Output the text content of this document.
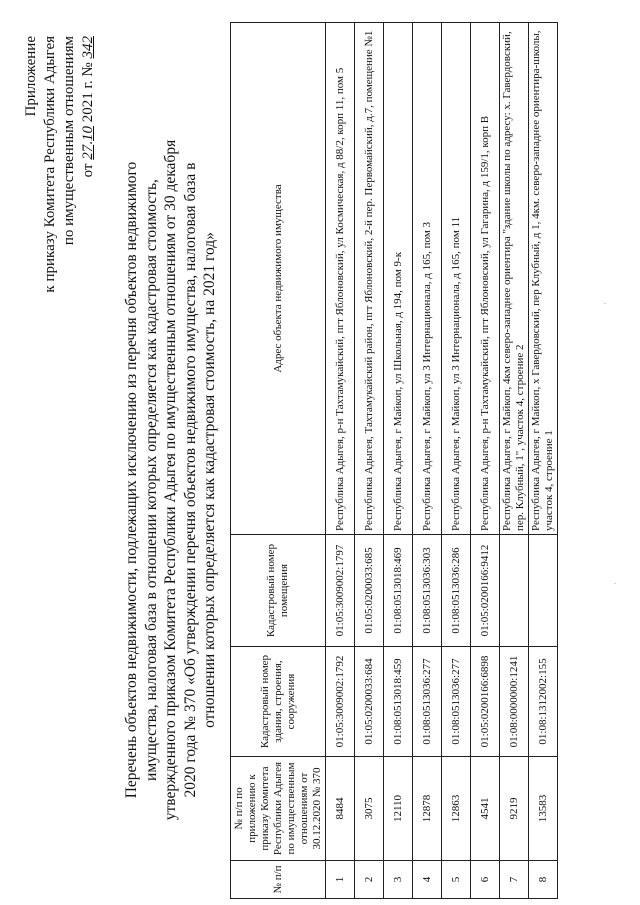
Приложение к приказу Комитета Республики Адыгея по имущественным отношениям от 27.10 2021 г. № 342
Перечень объектов недвижимости, подлежащих исключению из перечня объектов недвижимого имущества, налоговая база в отношении которых определяется как кадастровая стоимость, утвержденного приказом Комитета Республики Адыгея по имущественным отношениям от 30 декабря 2020 года № 370 «Об утверждении перечня объектов недвижимого имущества, налоговая база в отношении которых определяется как кадастровая стоимость, на 2021 год»
№ п/п	№ п/п по приложению к приказу Комитета Республики Адыгея по имущественным отношениям от 30.12.2020 № 370	Кадастровый номер здания, строения, сооружения	Кадастровый номер помещения	Адрес объекта недвижимого имущества
1	8484	01:05:3009002:1792	01:05:3009002:1797	Республика Адыгея, р-н Тахтамукайский, пгт Яблоновский, ул Космическая, д 88/2, корп 11, пом 5
2	3075	01:05:0200033:684	01:05:0200033:685	Республика Адыгея, Тахтамукайский район, пгт Яблоновский, 2-й пер. Первомайский, д.7, помещение №1
3	12110	01:08:0513018:459	01:08:0513018:469	Республика Адыгея, г Майкоп, ул Школьная, д 194, пом 9-к
4	12878	01:08:0513036:277	01:08:0513036:303	Республика Адыгея, г Майкоп, ул 3 Интернационала, д 165, пом 3
5	12863	01:08:0513036:277	01:08:0513036:286	Республика Адыгея, г Майкоп, ул 3 Интернационала, д 165, пом 11
6	4541	01:05:0200166:6898	01:05:0200166:9412	Республика Адыгея, р-н Тахтамукайский, пгт Яблоновский, ул Гагарина, д 159/1, корп В
7	9219	01:08:0000000:1241		Республика Адыгея, г Майкоп, 4км северо-западнее ориентира "здание школы по адресу: х. Гавердовский, пер. Клубный, 1", участок 4, строение 2
8	13583	01:08:1312002:155		Республика Адыгея, г Майкоп, х Гавердовский, пер Клубный, д 1, 4км. северо-западнее ориентира-школы, участок 4, строение 1
·
·
